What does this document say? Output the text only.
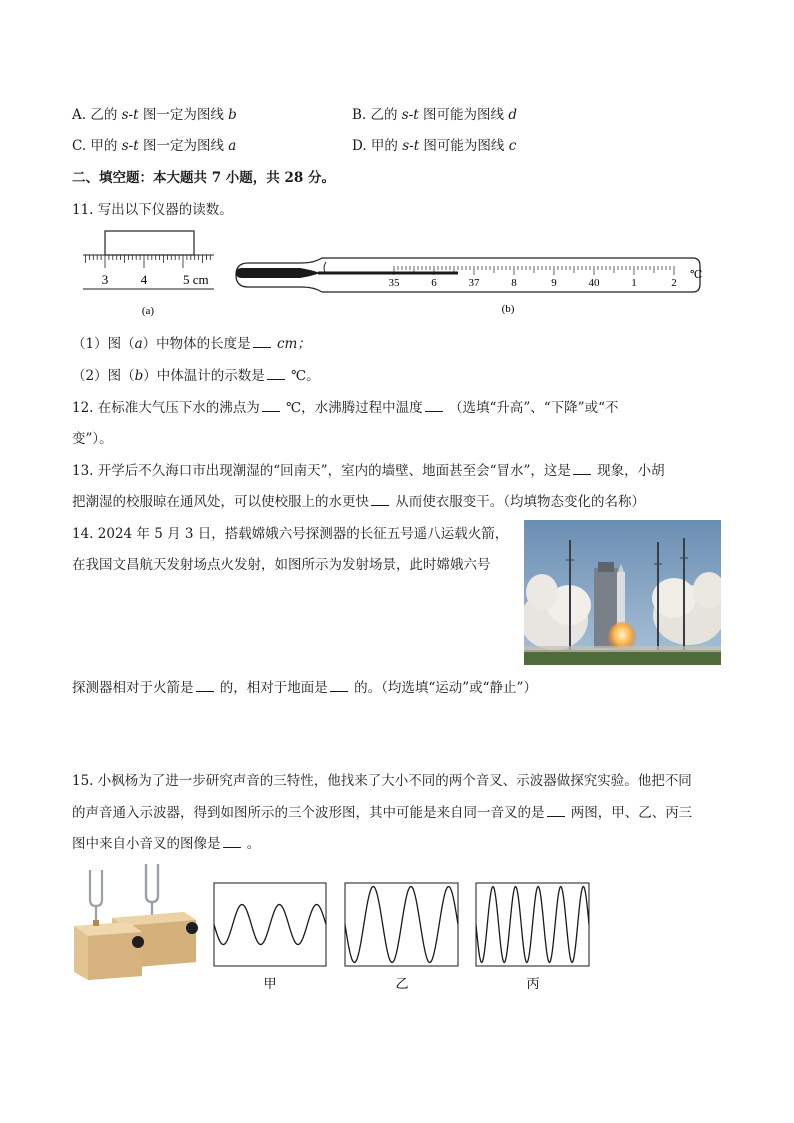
A. 乙的 s-t 图一定为图线 b	B. 乙的 s-t 图可能为图线 d
C. 甲的 s-t 图一定为图线 a	D. 甲的 s-t 图可能为图线 c
二、填空题：本大题共 7 小题，共 28 分。
11. 写出以下仪器的读数。
3	4	5 cm
(a)
35	6	37	8	9	40	1	2
℃
(b)
（1）图（a）中物体的长度是 cm；
（2）图（b）中体温计的示数是 ℃。
12. 在标准大气压下水的沸点为 ℃，水沸腾过程中温度 （选填“升高”、“下降”或“不
变”）。
13. 开学后不久海口市出现潮湿的“回南天”，室内的墙壁、地面甚至会“冒水”，这是 现象，小胡
把潮湿的校服晾在通风处，可以使校服上的水更快 从而使衣服变干。（均填物态变化的名称）
14. 2024 年 5 月 3 日，搭载嫦娥六号探测器的长征五号遥八运载火箭，
在我国文昌航天发射场点火发射，如图所示为发射场景，此时嫦娥六号
探测器相对于火箭是 的，相对于地面是 的。（均选填“运动”或“静止”）
15. 小枫杨为了进一步研究声音的三特性，他找来了大小不同的两个音叉、示波器做探究实验。他把不同
的声音通入示波器，得到如图所示的三个波形图，其中可能是来自同一音叉的是 两图，甲、乙、丙三
图中来自小音叉的图像是 。
甲	乙	丙
